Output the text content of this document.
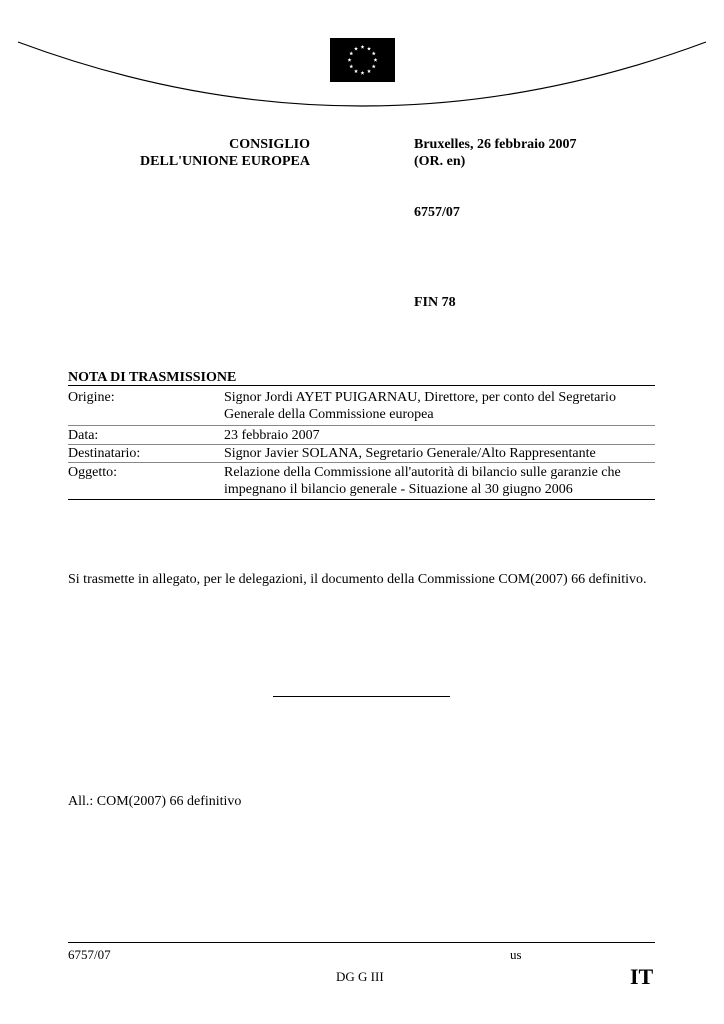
CONSIGLIO
DELL'UNIONE EUROPEA
Bruxelles, 26 febbraio 2007
(OR. en)
6757/07
FIN 78
NOTA DI TRASMISSIONE
Origine:	Signor Jordi AYET PUIGARNAU, Direttore, per conto del Segretario Generale della Commissione europea
Data:	23 febbraio 2007
Destinatario:	Signor Javier SOLANA, Segretario Generale/Alto Rappresentante
Oggetto:	Relazione della Commissione all'autorità di bilancio sulle garanzie che impegnano il bilancio generale - Situazione al 30 giugno 2006
Si trasmette in allegato, per le delegazioni, il documento della Commissione COM(2007) 66 definitivo.
All.: COM(2007) 66 definitivo
6757/07	us
DG G III	IT
